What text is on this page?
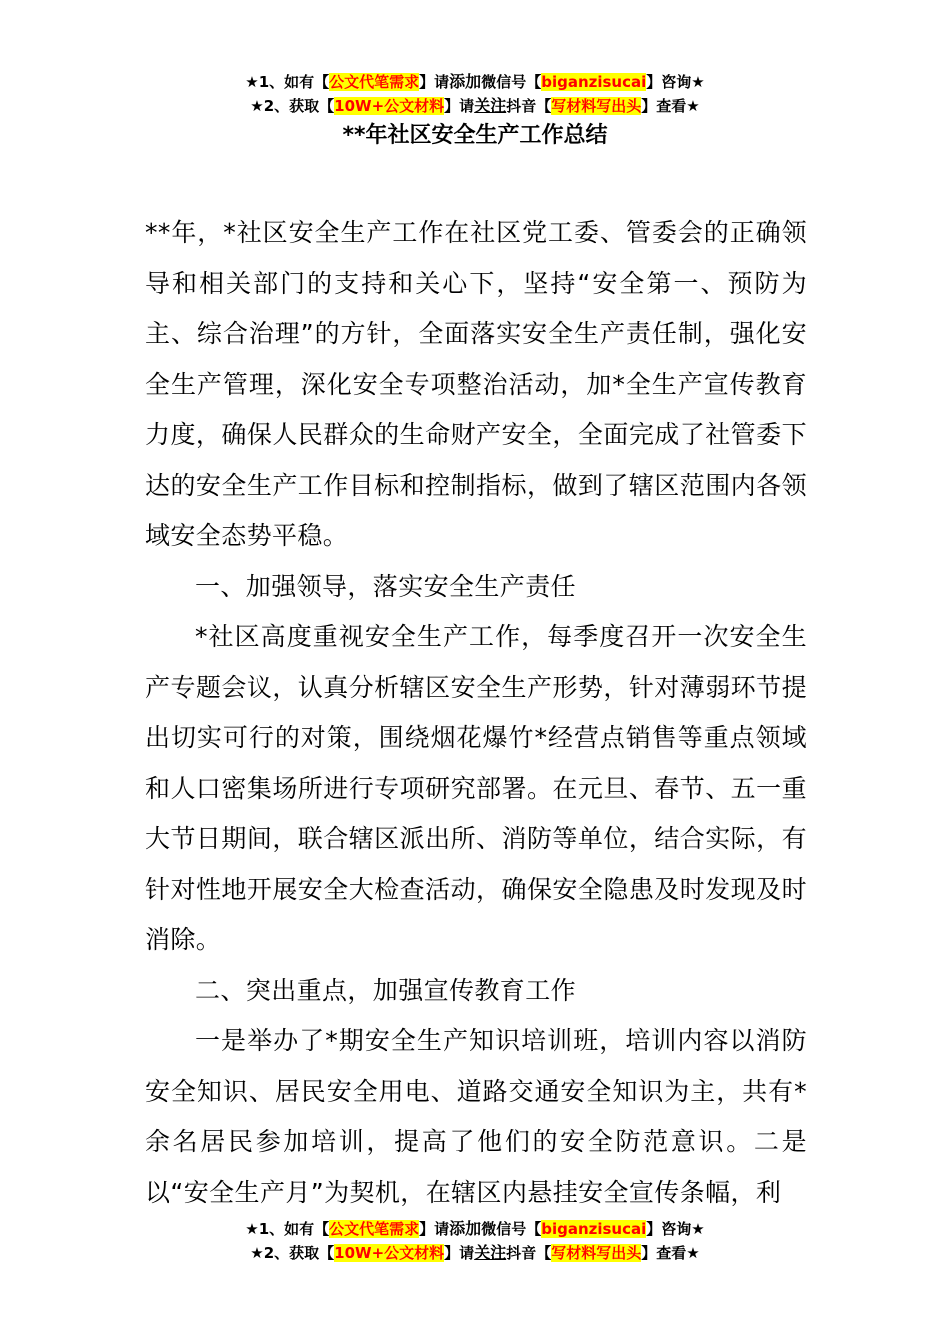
★1、如有【公文代笔需求】请添加微信号【biganzisucai】咨询★
★2、获取【10W+公文材料】请关注抖音【写材料写出头】查看★
**年社区安全生产工作总结

**年，*社区安全生产工作在社区党工委、管委会的正确领导和相关部门的支持和关心下，坚持“安全第一、预防为主、综合治理”的方针，全面落实安全生产责任制，强化安全生产管理，深化安全专项整治活动，加*全生产宣传教育力度，确保人民群众的生命财产安全，全面完成了社管委下达的安全生产工作目标和控制指标，做到了辖区范围内各领域安全态势平稳。

一、加强领导，落实安全生产责任

*社区高度重视安全生产工作，每季度召开一次安全生产专题会议，认真分析辖区安全生产形势，针对薄弱环节提出切实可行的对策，围绕烟花爆竹*经营点销售等重点领域和人口密集场所进行专项研究部署。在元旦、春节、五一重大节日期间，联合辖区派出所、消防等单位，结合实际，有针对性地开展安全大检查活动，确保安全隐患及时发现及时消除。

二、突出重点，加强宣传教育工作

一是举办了*期安全生产知识培训班，培训内容以消防安全知识、居民安全用电、道路交通安全知识为主，共有*余名居民参加培训，提高了他们的安全防范意识。二是以“安全生产月”为契机，在辖区内悬挂安全宣传条幅，利

★1、如有【公文代笔需求】请添加微信号【biganzisucai】咨询★
★2、获取【10W+公文材料】请关注抖音【写材料写出头】查看★
